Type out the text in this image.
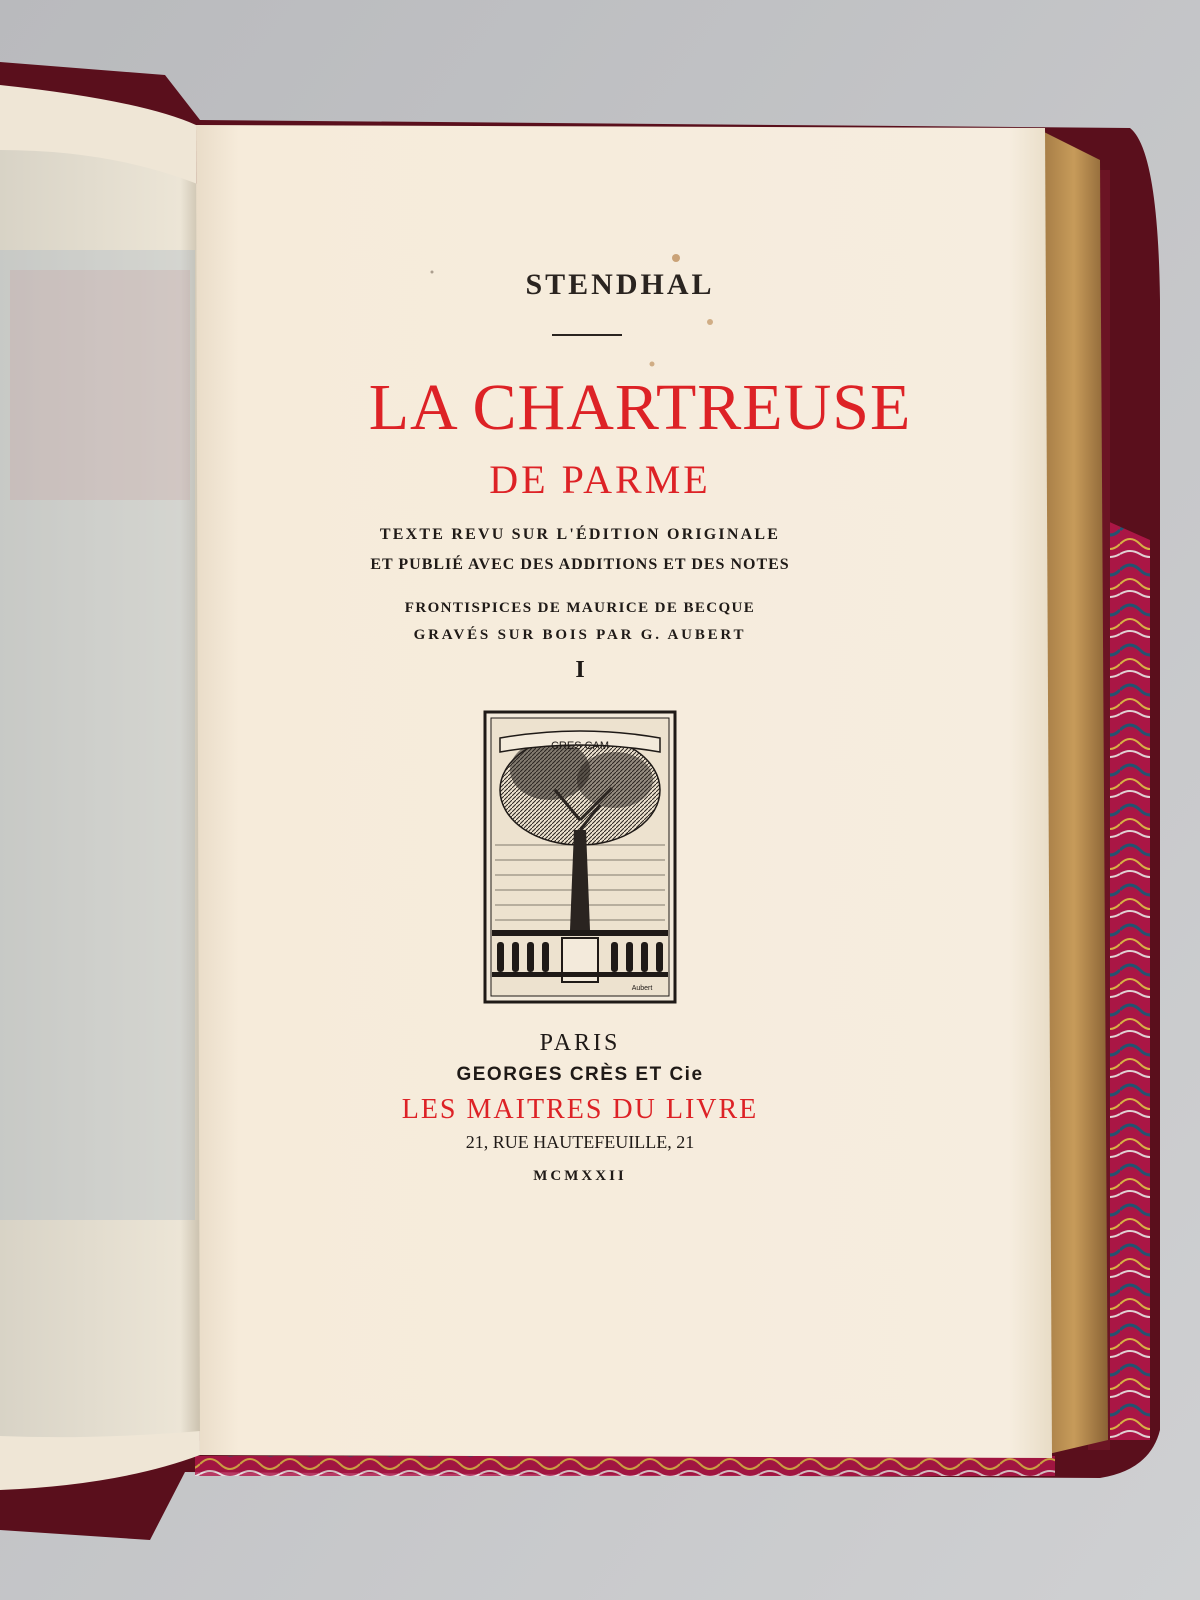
CRES CAM
Aubert
STENDHAL
LA CHARTREUSE
DE PARME
TEXTE REVU SUR L'ÉDITION ORIGINALE
ET PUBLIÉ AVEC DES ADDITIONS ET DES NOTES
FRONTISPICES DE MAURICE DE BECQUE
GRAVÉS SUR BOIS PAR G. AUBERT
I
PARIS
GEORGES CRÈS ET Cie
LES MAITRES DU LIVRE
21, RUE HAUTEFEUILLE, 21
MCMXXII
